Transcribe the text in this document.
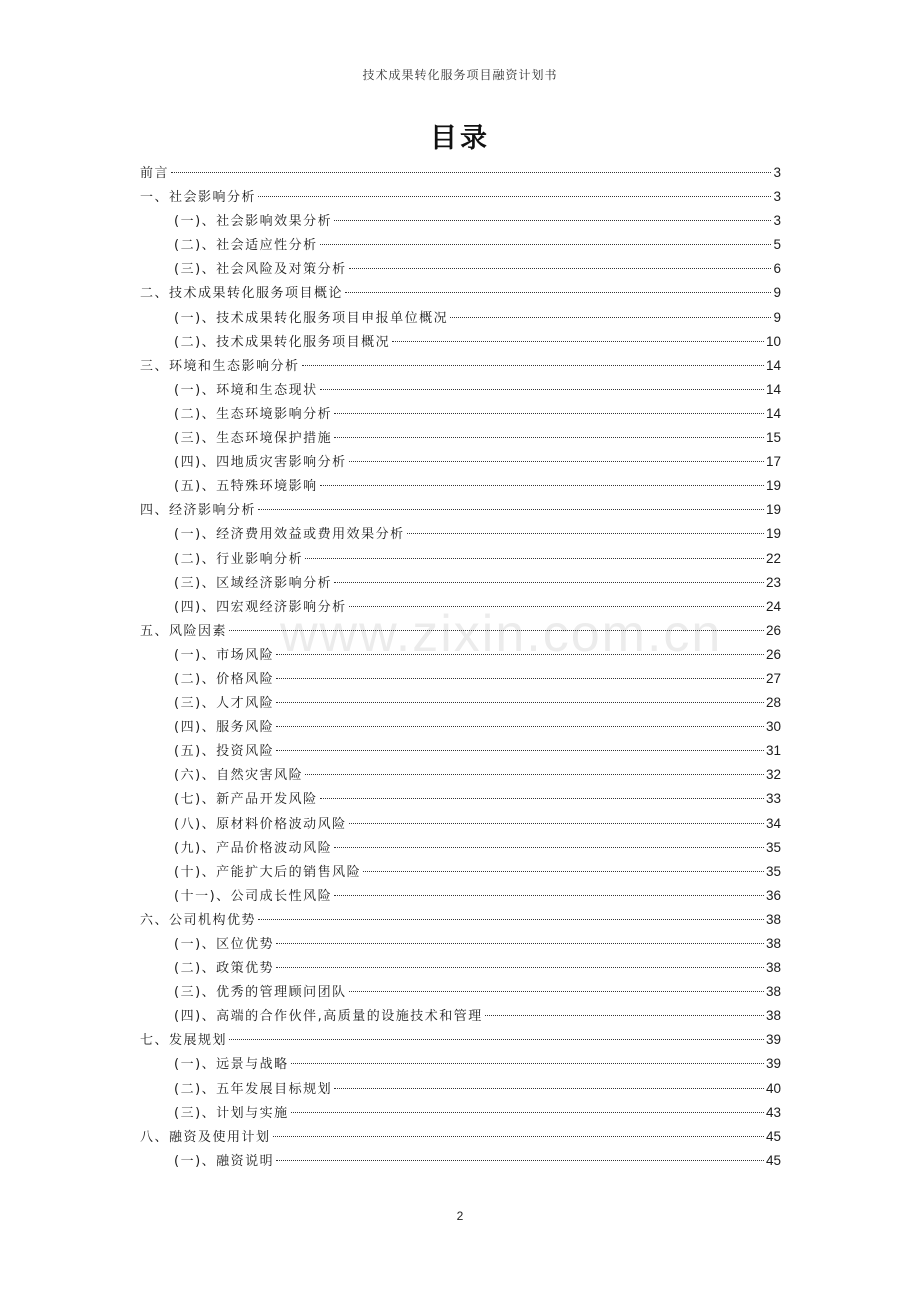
技术成果转化服务项目融资计划书
目录
www.zixin.com.cn
前言	3
一、社会影响分析	3
(一)、社会影响效果分析	3
(二)、社会适应性分析	5
(三)、社会风险及对策分析	6
二、技术成果转化服务项目概论	9
(一)、技术成果转化服务项目申报单位概况	9
(二)、技术成果转化服务项目概况	10
三、环境和生态影响分析	14
(一)、环境和生态现状	14
(二)、生态环境影响分析	14
(三)、生态环境保护措施	15
(四)、四地质灾害影响分析	17
(五)、五特殊环境影响	19
四、经济影响分析	19
(一)、经济费用效益或费用效果分析	19
(二)、行业影响分析	22
(三)、区域经济影响分析	23
(四)、四宏观经济影响分析	24
五、风险因素	26
(一)、市场风险	26
(二)、价格风险	27
(三)、人才风险	28
(四)、服务风险	30
(五)、投资风险	31
(六)、自然灾害风险	32
(七)、新产品开发风险	33
(八)、原材料价格波动风险	34
(九)、产品价格波动风险	35
(十)、产能扩大后的销售风险	35
(十一)、公司成长性风险	36
六、公司机构优势	38
(一)、区位优势	38
(二)、政策优势	38
(三)、优秀的管理顾问团队	38
(四)、高端的合作伙伴,高质量的设施技术和管理	38
七、发展规划	39
(一)、远景与战略	39
(二)、五年发展目标规划	40
(三)、计划与实施	43
八、融资及使用计划	45
(一)、融资说明	45
2
